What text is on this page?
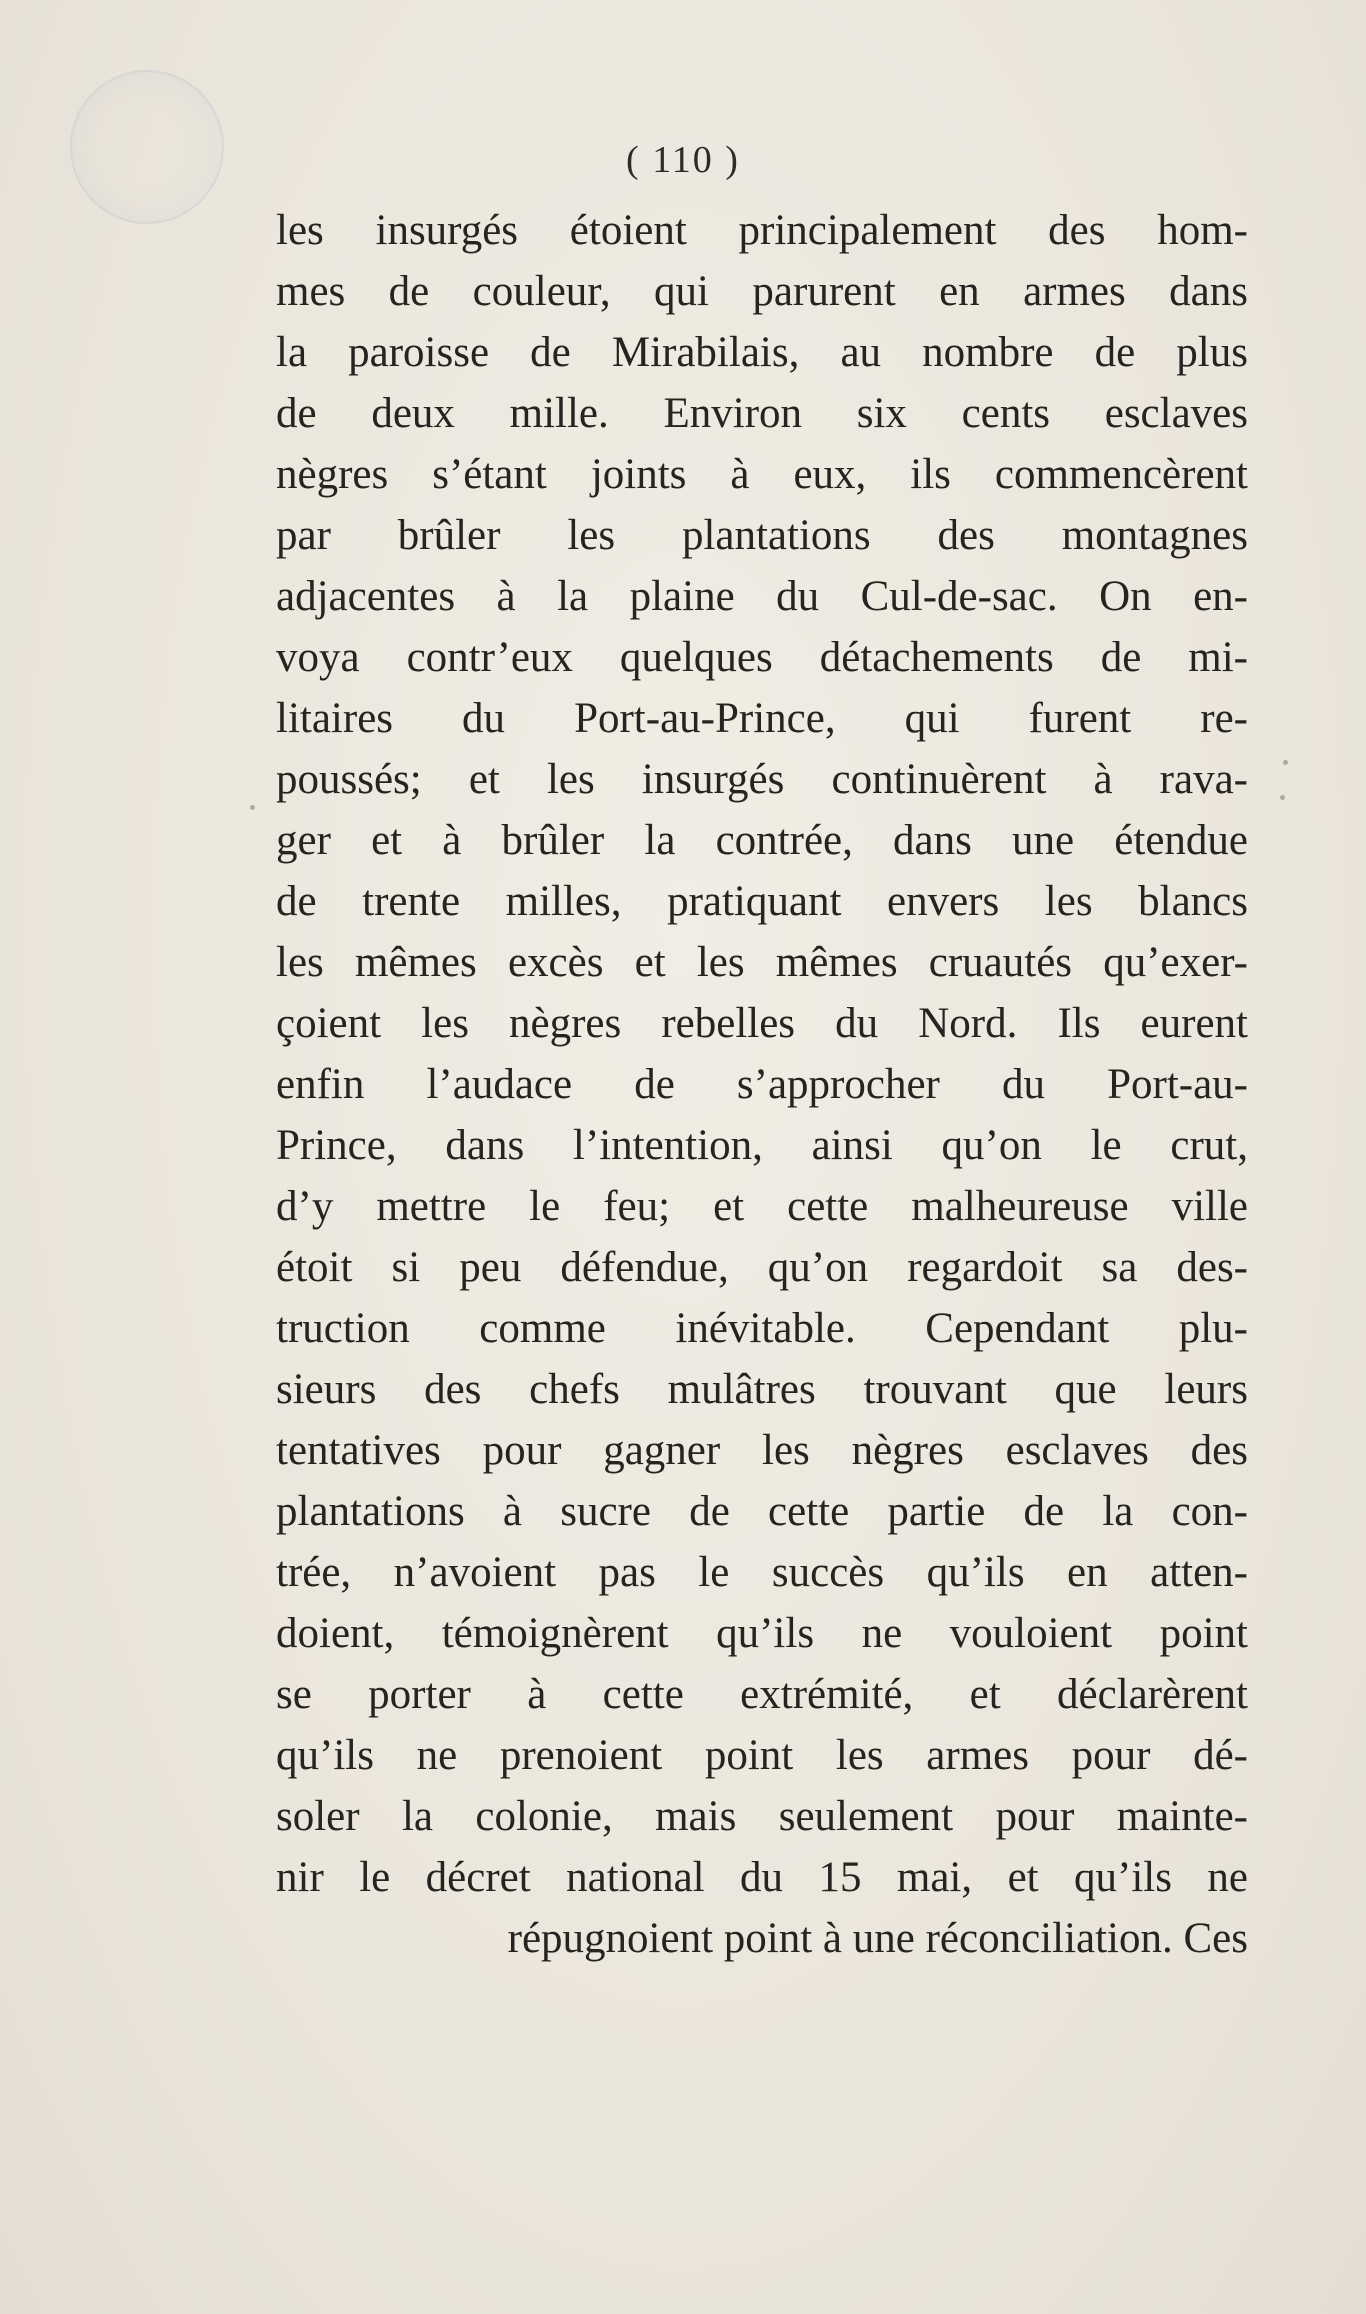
( 110 )
les insurgés étoient principalement des hom-
mes de couleur, qui parurent en armes dans
la paroisse de Mirabilais, au nombre de plus
de deux mille. Environ six cents esclaves
nègres s’étant joints à eux, ils commencèrent
par brûler les plantations des montagnes
adjacentes à la plaine du Cul-de-sac. On en-
voya contr’eux quelques détachements de mi-
litaires du Port-au-Prince, qui furent re-
poussés; et les insurgés continuèrent à rava-
ger et à brûler la contrée, dans une étendue
de trente milles, pratiquant envers les blancs
les mêmes excès et les mêmes cruautés qu’exer-
çoient les nègres rebelles du Nord. Ils eurent
enfin l’audace de s’approcher du Port-au-
Prince, dans l’intention, ainsi qu’on le crut,
d’y mettre le feu; et cette malheureuse ville
étoit si peu défendue, qu’on regardoit sa des-
truction comme inévitable. Cependant plu-
sieurs des chefs mulâtres trouvant que leurs
tentatives pour gagner les nègres esclaves des
plantations à sucre de cette partie de la con-
trée, n’avoient pas le succès qu’ils en atten-
doient, témoignèrent qu’ils ne vouloient point
se porter à cette extrémité, et déclarèrent
qu’ils ne prenoient point les armes pour dé-
soler la colonie, mais seulement pour mainte-
nir le décret national du 15 mai, et qu’ils ne
répugnoient point à une réconciliation. Ces
